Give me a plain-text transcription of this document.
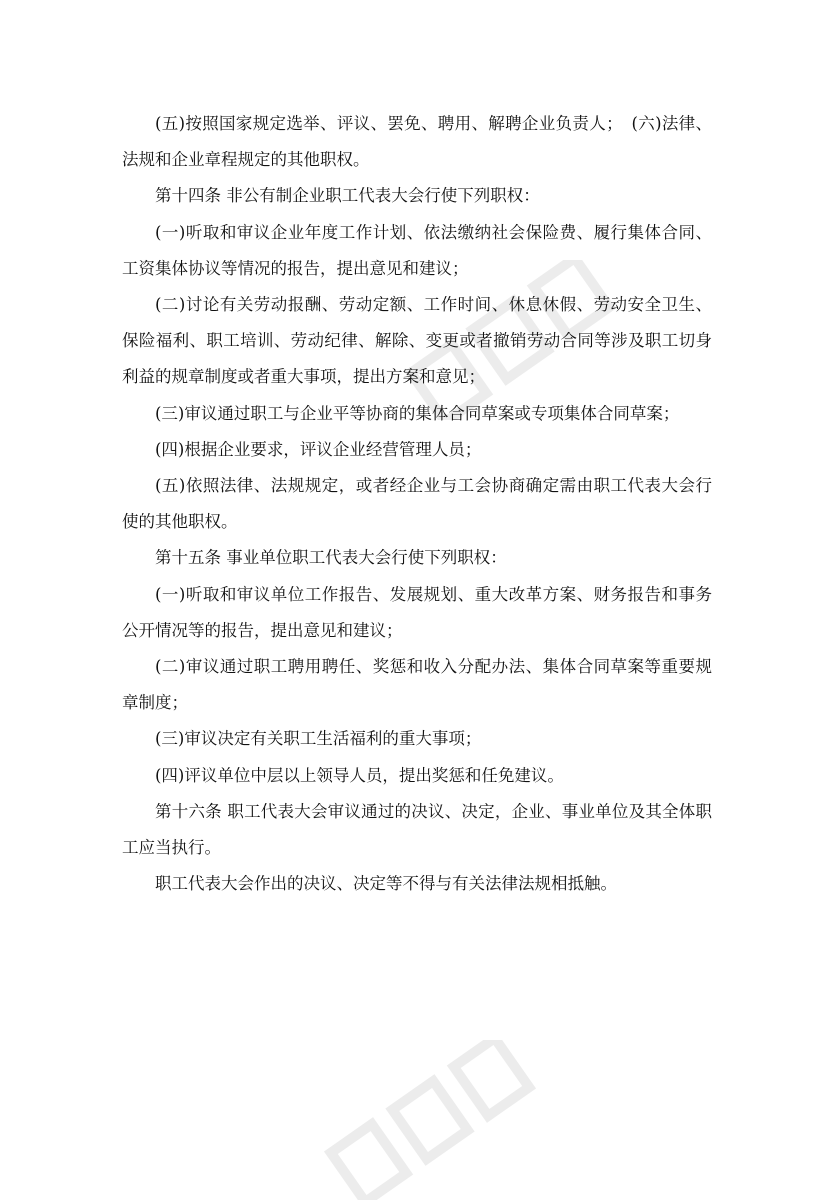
(五)按照国家规定选举、评议、罢免、聘用、解聘企业负责人；　(六)法律、法规和企业章程规定的其他职权。

第十四条 非公有制企业职工代表大会行使下列职权：

(一)听取和审议企业年度工作计划、依法缴纳社会保险费、履行集体合同、工资集体协议等情况的报告，提出意见和建议；

(二)讨论有关劳动报酬、劳动定额、工作时间、休息休假、劳动安全卫生、保险福利、职工培训、劳动纪律、解除、变更或者撤销劳动合同等涉及职工切身利益的规章制度或者重大事项，提出方案和意见；

(三)审议通过职工与企业平等协商的集体合同草案或专项集体合同草案；

(四)根据企业要求，评议企业经营管理人员；

(五)依照法律、法规规定，或者经企业与工会协商确定需由职工代表大会行使的其他职权。

第十五条 事业单位职工代表大会行使下列职权：

(一)听取和审议单位工作报告、发展规划、重大改革方案、财务报告和事务公开情况等的报告，提出意见和建议；

(二)审议通过职工聘用聘任、奖惩和收入分配办法、集体合同草案等重要规章制度；

(三)审议决定有关职工生活福利的重大事项；

(四)评议单位中层以上领导人员，提出奖惩和任免建议。

第十六条 职工代表大会审议通过的决议、决定，企业、事业单位及其全体职工应当执行。

职工代表大会作出的决议、决定等不得与有关法律法规相抵触。
